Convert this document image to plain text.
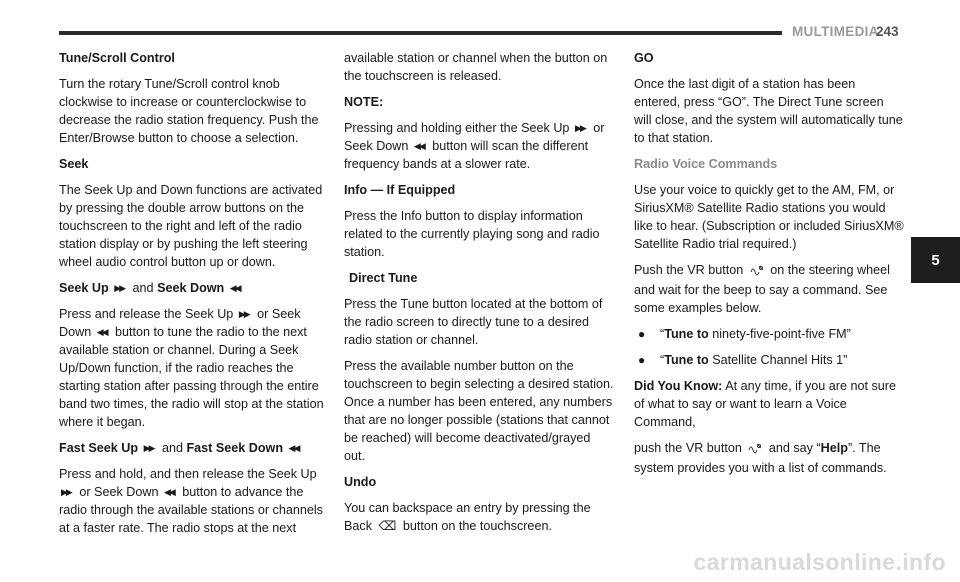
MULTIMEDIA
243
5
Tune/Scroll Control

Turn the rotary Tune/Scroll control knob clockwise to increase or counterclockwise to decrease the radio station frequency. Push the Enter/Browse button to choose a selection.

Seek

The Seek Up and Down functions are activated by pressing the double arrow buttons on the touchscreen to the right and left of the radio station display or by pushing the left steering wheel audio control button up or down.

Seek Up ▶▶ and Seek Down ◀◀

Press and release the Seek Up ▶▶ or Seek Down ◀◀ button to tune the radio to the next available station or channel. During a Seek Up/Down function, if the radio reaches the starting station after passing through the entire band two times, the radio will stop at the station where it began.

Fast Seek Up ▶▶ and Fast Seek Down ◀◀

Press and hold, and then release the Seek Up ▶▶ or Seek Down ◀◀ button to advance the radio through the available stations or channels at a faster rate. The radio stops at the next

available station or channel when the button on the touchscreen is released.

NOTE:

Pressing and holding either the Seek Up ▶▶ or
Seek Down ◀◀ button will scan the different frequency bands at a slower rate.

Info — If Equipped

Press the Info button to display information related to the currently playing song and radio station.

Direct Tune

Press the Tune button located at the bottom of the radio screen to directly tune to a desired radio station or channel.

Press the available number button on the touchscreen to begin selecting a desired station. Once a number has been entered, any numbers that are no longer possible (stations that cannot be reached) will become deactivated/grayed out.

Undo

You can backspace an entry by pressing the Back ⌫ button on the touchscreen.

GO

Once the last digit of a station has been entered, press “GO”. The Direct Tune screen will close, and the system will automatically tune to that station.

Radio Voice Commands

Use your voice to quickly get to the AM, FM, or SiriusXM® Satellite Radio stations you would like to hear. (Subscription or included SiriusXM® Satellite Radio trial required.)

Push the VR button on the steering wheel and wait for the beep to say a command. See some examples below.

●	“Tune to ninety-five-point-five FM”
●	“Tune to Satellite Channel Hits 1”

Did You Know: At any time, if you are not sure of what to say or want to learn a Voice Command,

push the VR button and say “Help”. The system provides you with a list of commands.

carmanualsonline.info
